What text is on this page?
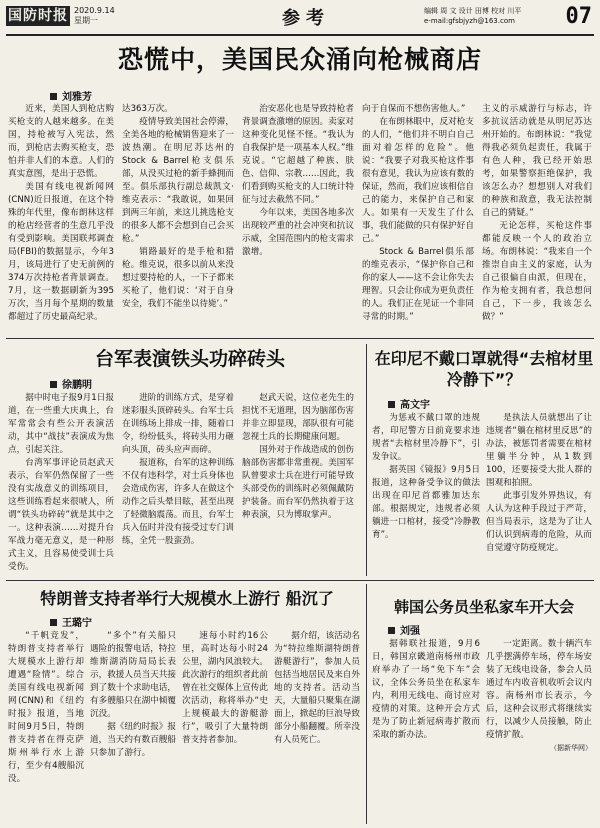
国防时报 2020.9.14
星期一	参考	编辑 周 文 设计 田博 校对 川平
e-mail:gfsbjyzh@163.com 07
恐慌中，美国民众涌向枪械商店
刘雅芳

近来，美国人到枪店购买枪支的人越来越多。在美国，持枪被写入宪法，然而，到枪店去购买枪支，恐怕并非人们的本意。人们的真实意图，是出于恐慌。

美国有线电视新闻网(CNN)近日报道，在这个特殊的年代里，像布朗林这样的枪店经营者的生意几乎没有受到影响。美国联邦调查局(FBI)的数据显示，今年3月，该局进行了史无前例的374万次持枪者背景调查。7月，这一数据刷新为395万次，当月每个星期的数量都超过了历史最高纪录。

达363万次。

疫情导致美国社会停滞，全美各地的枪械销售迎来了一波热潮。在明尼苏达州的Stock & Barrel枪支俱乐部，从没买过枪的新手蜂拥而至。俱乐部执行副总裁凯文·维克表示：“我敢说，如果回到两三年前，来这儿挑选枪支的很多人都不会想到自己会买枪。”

销路最好的是手枪和猎枪。维克说，很多以前从来没想过要持枪的人，一下子都来买枪了，他们说：‘对于自身安全，我们不能坐以待毙’。”

治安恶化也是导致持枪者背景调查激增的原因。卖家对这种变化见怪不怪。“我认为自我保护是一项基本人权。”维克说。“它超越了种族、肤色、信仰、宗教……因此，我们看到购买枪支的人口统计特征与过去截然不同。”

今年以来，美国各地多次出现较严重的社会冲突和抗议示威，全国范围内的枪支需求激增。

向于自保而不想伤害他人。”

在布朗林眼中，反对枪支的人们，“他们并不明白自己面对着怎样的危险”。他说：“我要子对我买枪这件事很有意见，我认为应该有数的保证，然而，我们应该相信自己的能力，来保护自己和家人。如果有一天发生了什么事，我们能做的只有保护好自己。”

Stock & Barrel俱乐部的维克表示，“保护你自己和你的家人——这不会让你失去理智。只会让你成为更负责任的人。我们正在见证一个非同寻常的时期。”

主义的示威游行与标志，许多抗议活动就是从明尼苏达州开始的。布朗林说：“我觉得我必须负起责任，我属于有色人种，我已经开始思考，如果警察拒绝保护，我该怎么办？想想别人对我们的种族和敌意，我无法控制自己的猜疑。”

无论怎样，买枪这件事都能反映一个人的政治立场。布朗林说：“我来自一个推崇自由主义的家庭，认为自己很偏自由派，但现在，作为枪支拥有者，我总想问自己，下一步，我该怎么做？”

台军表演铁头功碎砖头
徐鹏明

据中时电子报9月1日报道，在一些重大庆典上，台军常常会有些公开表演活动，其中“战技”表演成为焦点，引起关注。

台湾军事评论员赵武天表示，台军仍然保留了一些没有实战意义的训练项目，这些训练看起来很唬人，所谓“铁头功碎砖”就是其中之一。这种表演……对提升台军战力毫无意义，是一种形式主义，且容易使受训士兵受伤。

进阶的训练方式，是穿着迷彩服头顶碎砖头。台军士兵在训练场上排成一排，随着口令，纷纷低头，将砖头用力砸向头顶，砖头应声而碎。

报道称，台军的这种训练不仅有违科学，对士兵身体也会造成伤害，许多人在做这个动作之后头晕目眩，甚至出现了轻微脑震荡。而且，台军士兵入伍时并没有接受过专门训练，全凭一股蛮劲。

赵武天说，这位老先生的担忧不无道理，因为脑部伤害并非立即显现，部队很有可能忽视士兵的长期健康问题。

国外对于作战造成的创伤脑部伤害都非常重视。美国军队曾要求士兵在进行可能导致头部受伤的训练时必须佩戴防护装备。而台军仍然执着于这种表演，只为博取掌声。

在印尼不戴口罩就得“去棺材里冷静下”？
高文宇

为惩戒不戴口罩的违规者，印尼警方日前竟要求违规者“去棺材里冷静下”，引发争议。

据英国《镜报》9月5日报道，这种备受争议的做法出现在印尼首都雅加达东部。根据规定，违规者必须躺进一口棺材，接受“冷静教育”。

是执法人员就想出了让违规者“躺在棺材里反思”的办法，被惩罚者需要在棺材里躺半分钟，从1数到100，还要接受大批人群的围观和拍照。

此事引发外界热议，有人认为这种手段过于严苛，但当局表示，这是为了让人们认识到病毒的危险，从而自觉遵守防疫规定。

特朗普支持者举行大规模水上游行 船沉了
王璐宁

“千帆竞发”，特朗普支持者举行大规模水上游行却遭遇“险情”。综合美国有线电视新闻网(CNN)和《纽约时报》报道，当地时间9月5日，特朗普支持者在得克萨斯州举行水上游行，至少有4艘船沉没。

“多个”有关船只遇险的报警电话，特拉维斯湖消防局局长表示，救援人员当天共接到了数十个求助电话，有多艘船只在湖中倾覆沉没。

据《纽约时报》报道，当天约有数百艘船只参加了游行。

速每小时约16公里，高时达每小时24公里，湖内风浪较大。此次游行的组织者此前曾在社交媒体上宣传此次活动，称将举办“史上规模最大的游艇游行”，吸引了大量特朗普支持者参加。

据介绍，该活动名为“特拉维斯湖特朗普游艇游行”，参加人员包括当地居民及来自外地的支持者。活动当天，大量船只聚集在湖面上，掀起的巨浪导致部分小船翻覆。所幸没有人员死亡。

韩国公务员坐私家车开大会
刘强

据韩联社报道，9月6日，韩国京畿道南杨州市政府举办了一场“免下车”会议，全体公务员坐在私家车内，利用无线电、商讨应对疫情的对策。这种开会方式是为了防止新冠病毒扩散而采取的新办法。

一定距离。数十辆汽车几乎摆满停车场，停车场安装了无线电设备，参会人员通过车内收音机收听会议内容。南杨州市长表示，今后，这种会议形式将继续实行，以减少人员接触，防止疫情扩散。

（据新华网）
